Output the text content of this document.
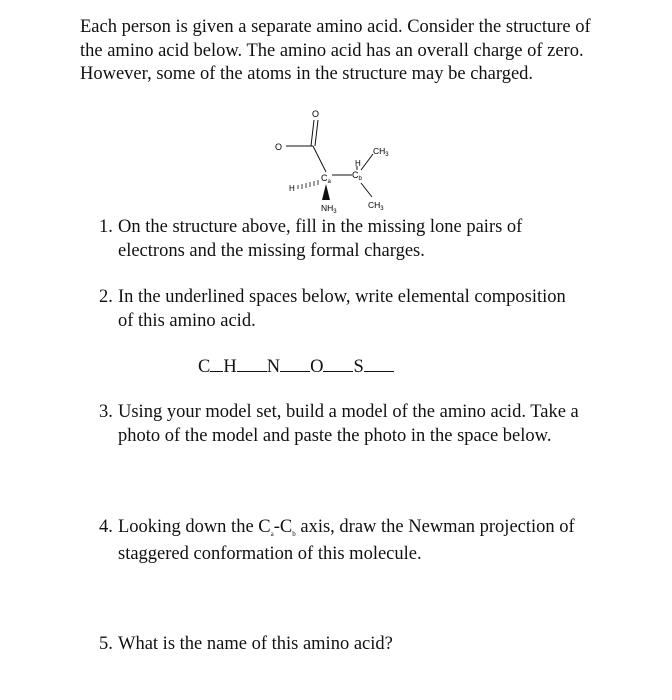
Each person is given a separate amino acid. Consider the structure of the amino acid below. The amino acid has an overall charge of zero. However, some of the atoms in the structure may be charged.

O
O
$C_a$
H
$NH_3$
$C_b$
H
$CH_3$
$CH_3$
1. On the structure above, fill in the missing lone pairs of electrons and the missing formal charges.
2. In the underlined spaces below, write elemental composition of this amino acid.
C H N O S
3. Using your model set, build a model of the amino acid. Take a photo of the model and paste the photo in the space below.
4. Looking down the $C_a-C_b$ axis, draw the Newman projection of staggered conformation of this molecule.
5. What is the name of this amino acid?
